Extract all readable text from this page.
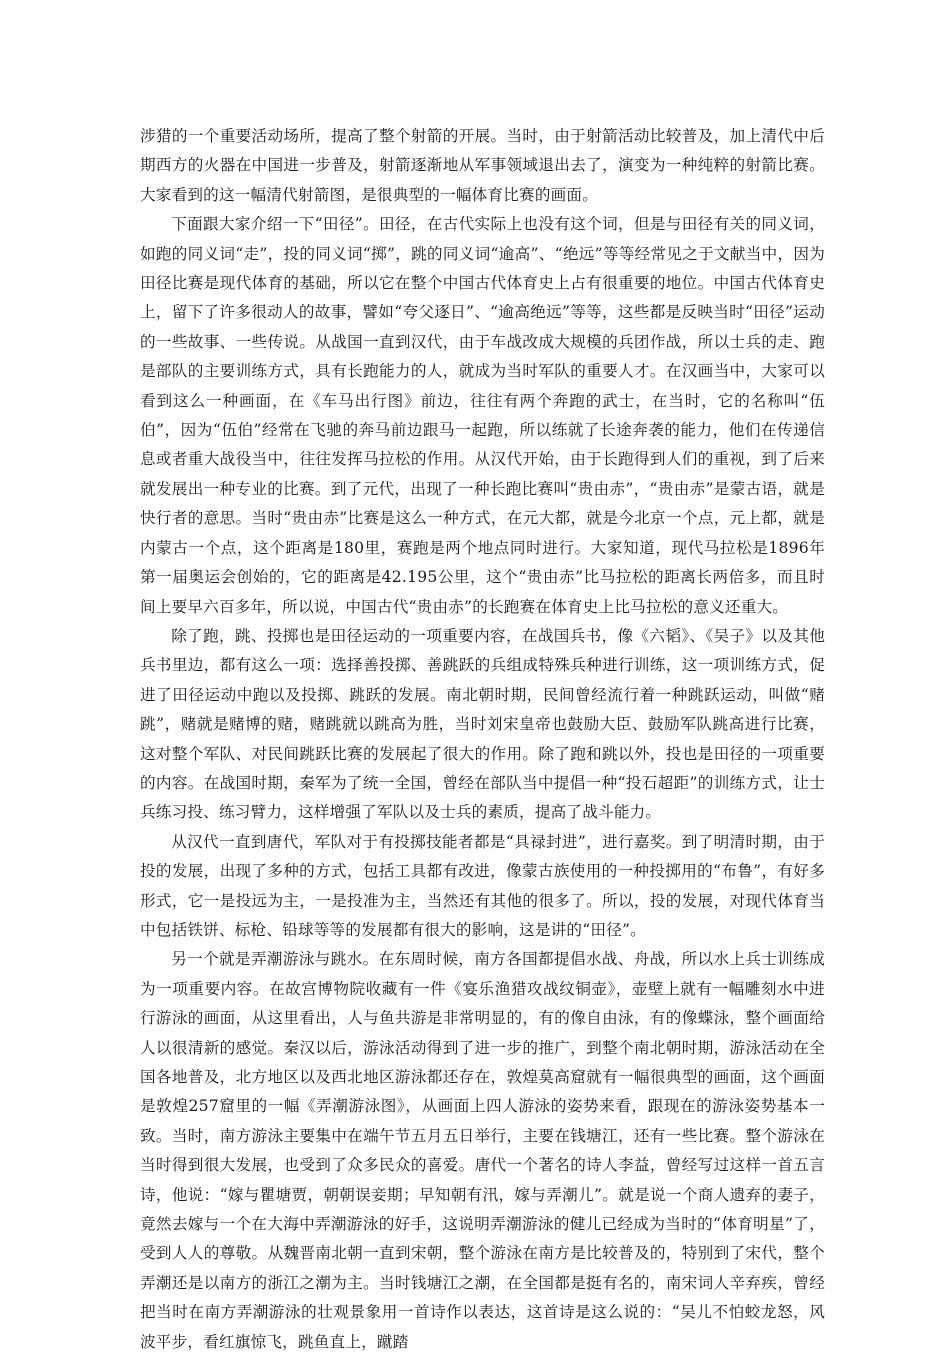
涉猎的一个重要活动场所，提高了整个射箭的开展。当时，由于射箭活动比较普及，加上清代中后期西方的火器在中国进一步普及，射箭逐渐地从军事领域退出去了，演变为一种纯粹的射箭比赛。大家看到的这一幅清代射箭图，是很典型的一幅体育比赛的画面。

下面跟大家介绍一下“田径”。田径，在古代实际上也没有这个词，但是与田径有关的同义词，如跑的同义词“走”，投的同义词“掷”，跳的同义词“逾高”、“绝远”等等经常见之于文献当中，因为田径比赛是现代体育的基础，所以它在整个中国古代体育史上占有很重要的地位。中国古代体育史上，留下了许多很动人的故事，譬如“夸父逐日”、“逾高绝远”等等，这些都是反映当时“田径”运动的一些故事、一些传说。从战国一直到汉代，由于车战改成大规模的兵团作战，所以士兵的走、跑是部队的主要训练方式，具有长跑能力的人，就成为当时军队的重要人才。在汉画当中，大家可以看到这么一种画面，在《车马出行图》前边，往往有两个奔跑的武士，在当时，它的名称叫“伍伯”，因为“伍伯”经常在飞驰的奔马前边跟马一起跑，所以练就了长途奔袭的能力，他们在传递信息或者重大战役当中，往往发挥马拉松的作用。从汉代开始，由于长跑得到人们的重视，到了后来就发展出一种专业的比赛。到了元代，出现了一种长跑比赛叫“贵由赤”，“贵由赤”是蒙古语，就是快行者的意思。当时“贵由赤”比赛是这么一种方式，在元大都，就是今北京一个点，元上都，就是内蒙古一个点，这个距离是180里，赛跑是两个地点同时进行。大家知道，现代马拉松是1896年第一届奥运会创始的，它的距离是42.195公里，这个“贵由赤”比马拉松的距离长两倍多，而且时间上要早六百多年，所以说，中国古代“贵由赤”的长跑赛在体育史上比马拉松的意义还重大。

除了跑，跳、投掷也是田径运动的一项重要内容，在战国兵书，像《六韬》、《吴子》以及其他兵书里边，都有这么一项：选择善投掷、善跳跃的兵组成特殊兵种进行训练，这一项训练方式，促进了田径运动中跑以及投掷、跳跃的发展。南北朝时期，民间曾经流行着一种跳跃运动，叫做“赌跳”，赌就是赌博的赌，赌跳就以跳高为胜，当时刘宋皇帝也鼓励大臣、鼓励军队跳高进行比赛，这对整个军队、对民间跳跃比赛的发展起了很大的作用。除了跑和跳以外，投也是田径的一项重要的内容。在战国时期，秦军为了统一全国，曾经在部队当中提倡一种“投石超距”的训练方式，让士兵练习投、练习臂力，这样增强了军队以及士兵的素质，提高了战斗能力。

从汉代一直到唐代，军队对于有投掷技能者都是“具禄封进”，进行嘉奖。到了明清时期，由于投的发展，出现了多种的方式，包括工具都有改进，像蒙古族使用的一种投掷用的“布鲁”，有好多形式，它一是投远为主，一是投准为主，当然还有其他的很多了。所以，投的发展，对现代体育当中包括铁饼、标枪、铅球等等的发展都有很大的影响，这是讲的“田径”。

另一个就是弄潮游泳与跳水。在东周时候，南方各国都提倡水战、舟战，所以水上兵士训练成为一项重要内容。在故宫博物院收藏有一件《宴乐渔猎攻战纹铜壶》，壶壁上就有一幅雕刻水中进行游泳的画面，从这里看出，人与鱼共游是非常明显的，有的像自由泳，有的像蝶泳，整个画面给人以很清新的感觉。秦汉以后，游泳活动得到了进一步的推广，到整个南北朝时期，游泳活动在全国各地普及，北方地区以及西北地区游泳都还存在，敦煌莫高窟就有一幅很典型的画面，这个画面是敦煌257窟里的一幅《弄潮游泳图》，从画面上四人游泳的姿势来看，跟现在的游泳姿势基本一致。当时，南方游泳主要集中在端午节五月五日举行，主要在钱塘江，还有一些比赛。整个游泳在当时得到很大发展，也受到了众多民众的喜爱。唐代一个著名的诗人李益，曾经写过这样一首五言诗，他说：“嫁与瞿塘贾，朝朝误妾期；早知朝有汛，嫁与弄潮儿”。就是说一个商人遗弃的妻子，竟然去嫁与一个在大海中弄潮游泳的好手，这说明弄潮游泳的健儿已经成为当时的“体育明星”了，受到人人的尊敬。从魏晋南北朝一直到宋朝，整个游泳在南方是比较普及的，特别到了宋代，整个弄潮还是以南方的浙江之潮为主。当时钱塘江之潮，在全国都是挺有名的，南宋词人辛弃疾，曾经把当时在南方弄潮游泳的壮观景象用一首诗作以表达，这首诗是这么说的：“吴儿不怕蛟龙怒，风波平步，看红旗惊飞，跳鱼直上，蹴踏
